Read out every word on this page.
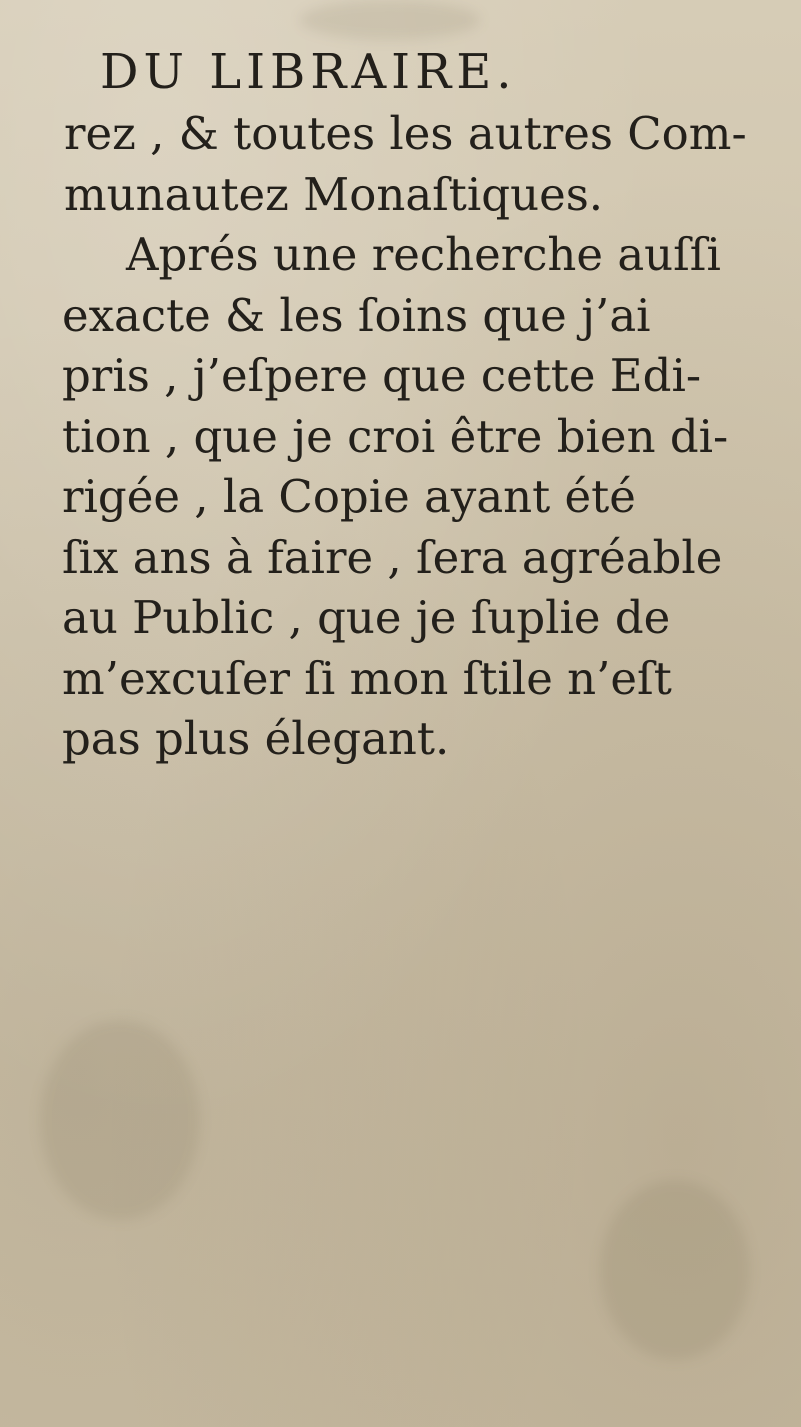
DU LIBRAIRE.
rez , & toutes les autres Com-
munautez Monaſtiques.
Aprés une recherche auſſi
exacte & les ſoins que j’ai
pris , j’eſpere que cette Edi-
tion , que je croi être bien di-
rigée , la Copie ayant été
ſix ans à faire , ſera agréable
au Public , que je ſuplie de
m’excuſer ſi mon ſtile n’eſt
pas plus élegant.
